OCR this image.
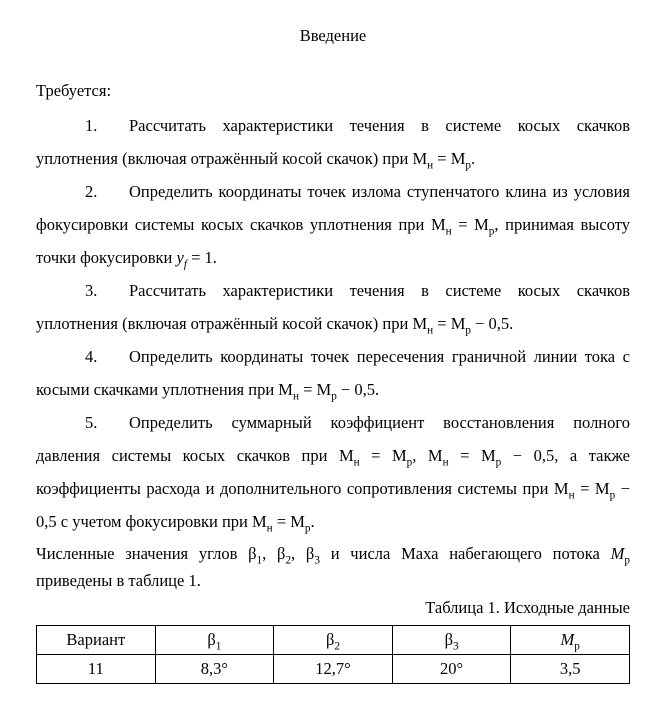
Введение

Требуется:

1. Рассчитать характеристики течения в системе косых скачков уплотнения (включая отражённый косой скачок) при $М_н = М_р$.

2. Определить координаты точек излома ступенчатого клина из условия фокусировки системы косых скачков уплотнения при $М_н = М_р$, принимая высоту точки фокусировки $y_f = 1$.

3. Рассчитать характеристики течения в системе косых скачков уплотнения (включая отражённый косой скачок) при $М_н = М_р - 0,5$.

4. Определить координаты точек пересечения граничной линии тока с косыми скачками уплотнения при $М_н = М_р - 0,5$.

5. Определить суммарный коэффициент восстановления полного давления системы косых скачков при $М_н = М_р$, $М_н = М_р - 0,5$, а также коэффициенты расхода и дополнительного сопротивления системы при $М_н = М_р - 0,5$ с учетом фокусировки при $М_н = М_р$.

Численные значения углов $\beta_1$, $\beta_2$, $\beta_3$ и числа Маха набегающего потока $M_р$ приведены в таблице 1.

Таблица 1. Исходные данные

Вариант	$\beta_1$	$\beta_2$	$\beta_3$	$M_р$
11	8,3°	12,7°	20°	3,5
